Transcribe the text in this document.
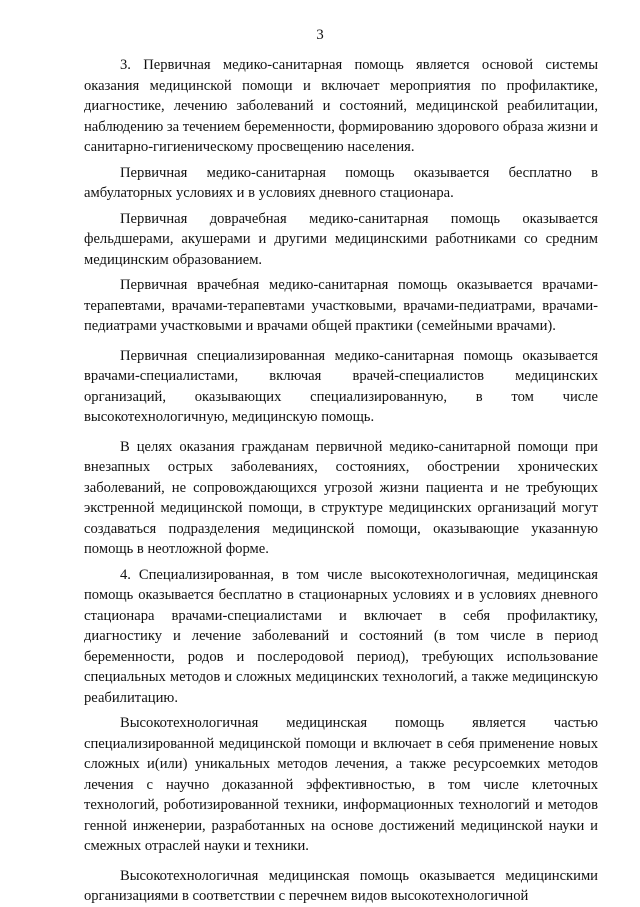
3

3. Первичная медико-санитарная помощь является основой системы оказания медицинской помощи и включает мероприятия по профилактике, диагностике, лечению заболеваний и состояний, медицинской реабилитации, наблюдению за течением беременности, формированию здорового образа жизни и санитарно-гигиеническому просвещению населения.

Первичная медико-санитарная помощь оказывается бесплатно в амбулаторных условиях и в условиях дневного стационара.

Первичная доврачебная медико-санитарная помощь оказывается фельдшерами, акушерами и другими медицинскими работниками со средним медицинским образованием.

Первичная врачебная медико-санитарная помощь оказывается врачами-терапевтами, врачами-терапевтами участковыми, врачами-педиатрами, врачами-педиатрами участковыми и врачами общей практики (семейными врачами).

Первичная специализированная медико-санитарная помощь оказывается врачами-специалистами, включая врачей-специалистов медицинских организаций, оказывающих специализированную, в том числе высокотехнологичную, медицинскую помощь.

В целях оказания гражданам первичной медико-санитарной помощи при внезапных острых заболеваниях, состояниях, обострении хронических заболеваний, не сопровождающихся угрозой жизни пациента и не требующих экстренной медицинской помощи, в структуре медицинских организаций могут создаваться подразделения медицинской помощи, оказывающие указанную помощь в неотложной форме.

4. Специализированная, в том числе высокотехнологичная, медицинская помощь оказывается бесплатно в стационарных условиях и в условиях дневного стационара врачами-специалистами и включает в себя профилактику, диагностику и лечение заболеваний и состояний (в том числе в период беременности, родов и послеродовой период), требующих использование специальных методов и сложных медицинских технологий, а также медицинскую реабилитацию.

Высокотехнологичная медицинская помощь является частью специализированной медицинской помощи и включает в себя применение новых сложных и(или) уникальных методов лечения, а также ресурсоемких методов лечения с научно доказанной эффективностью, в том числе клеточных технологий, роботизированной техники, информационных технологий и методов генной инженерии, разработанных на основе достижений медицинской науки и смежных отраслей науки и техники.

Высокотехнологичная медицинская помощь оказывается медицинскими организациями в соответствии с перечнем видов высокотехнологичной
